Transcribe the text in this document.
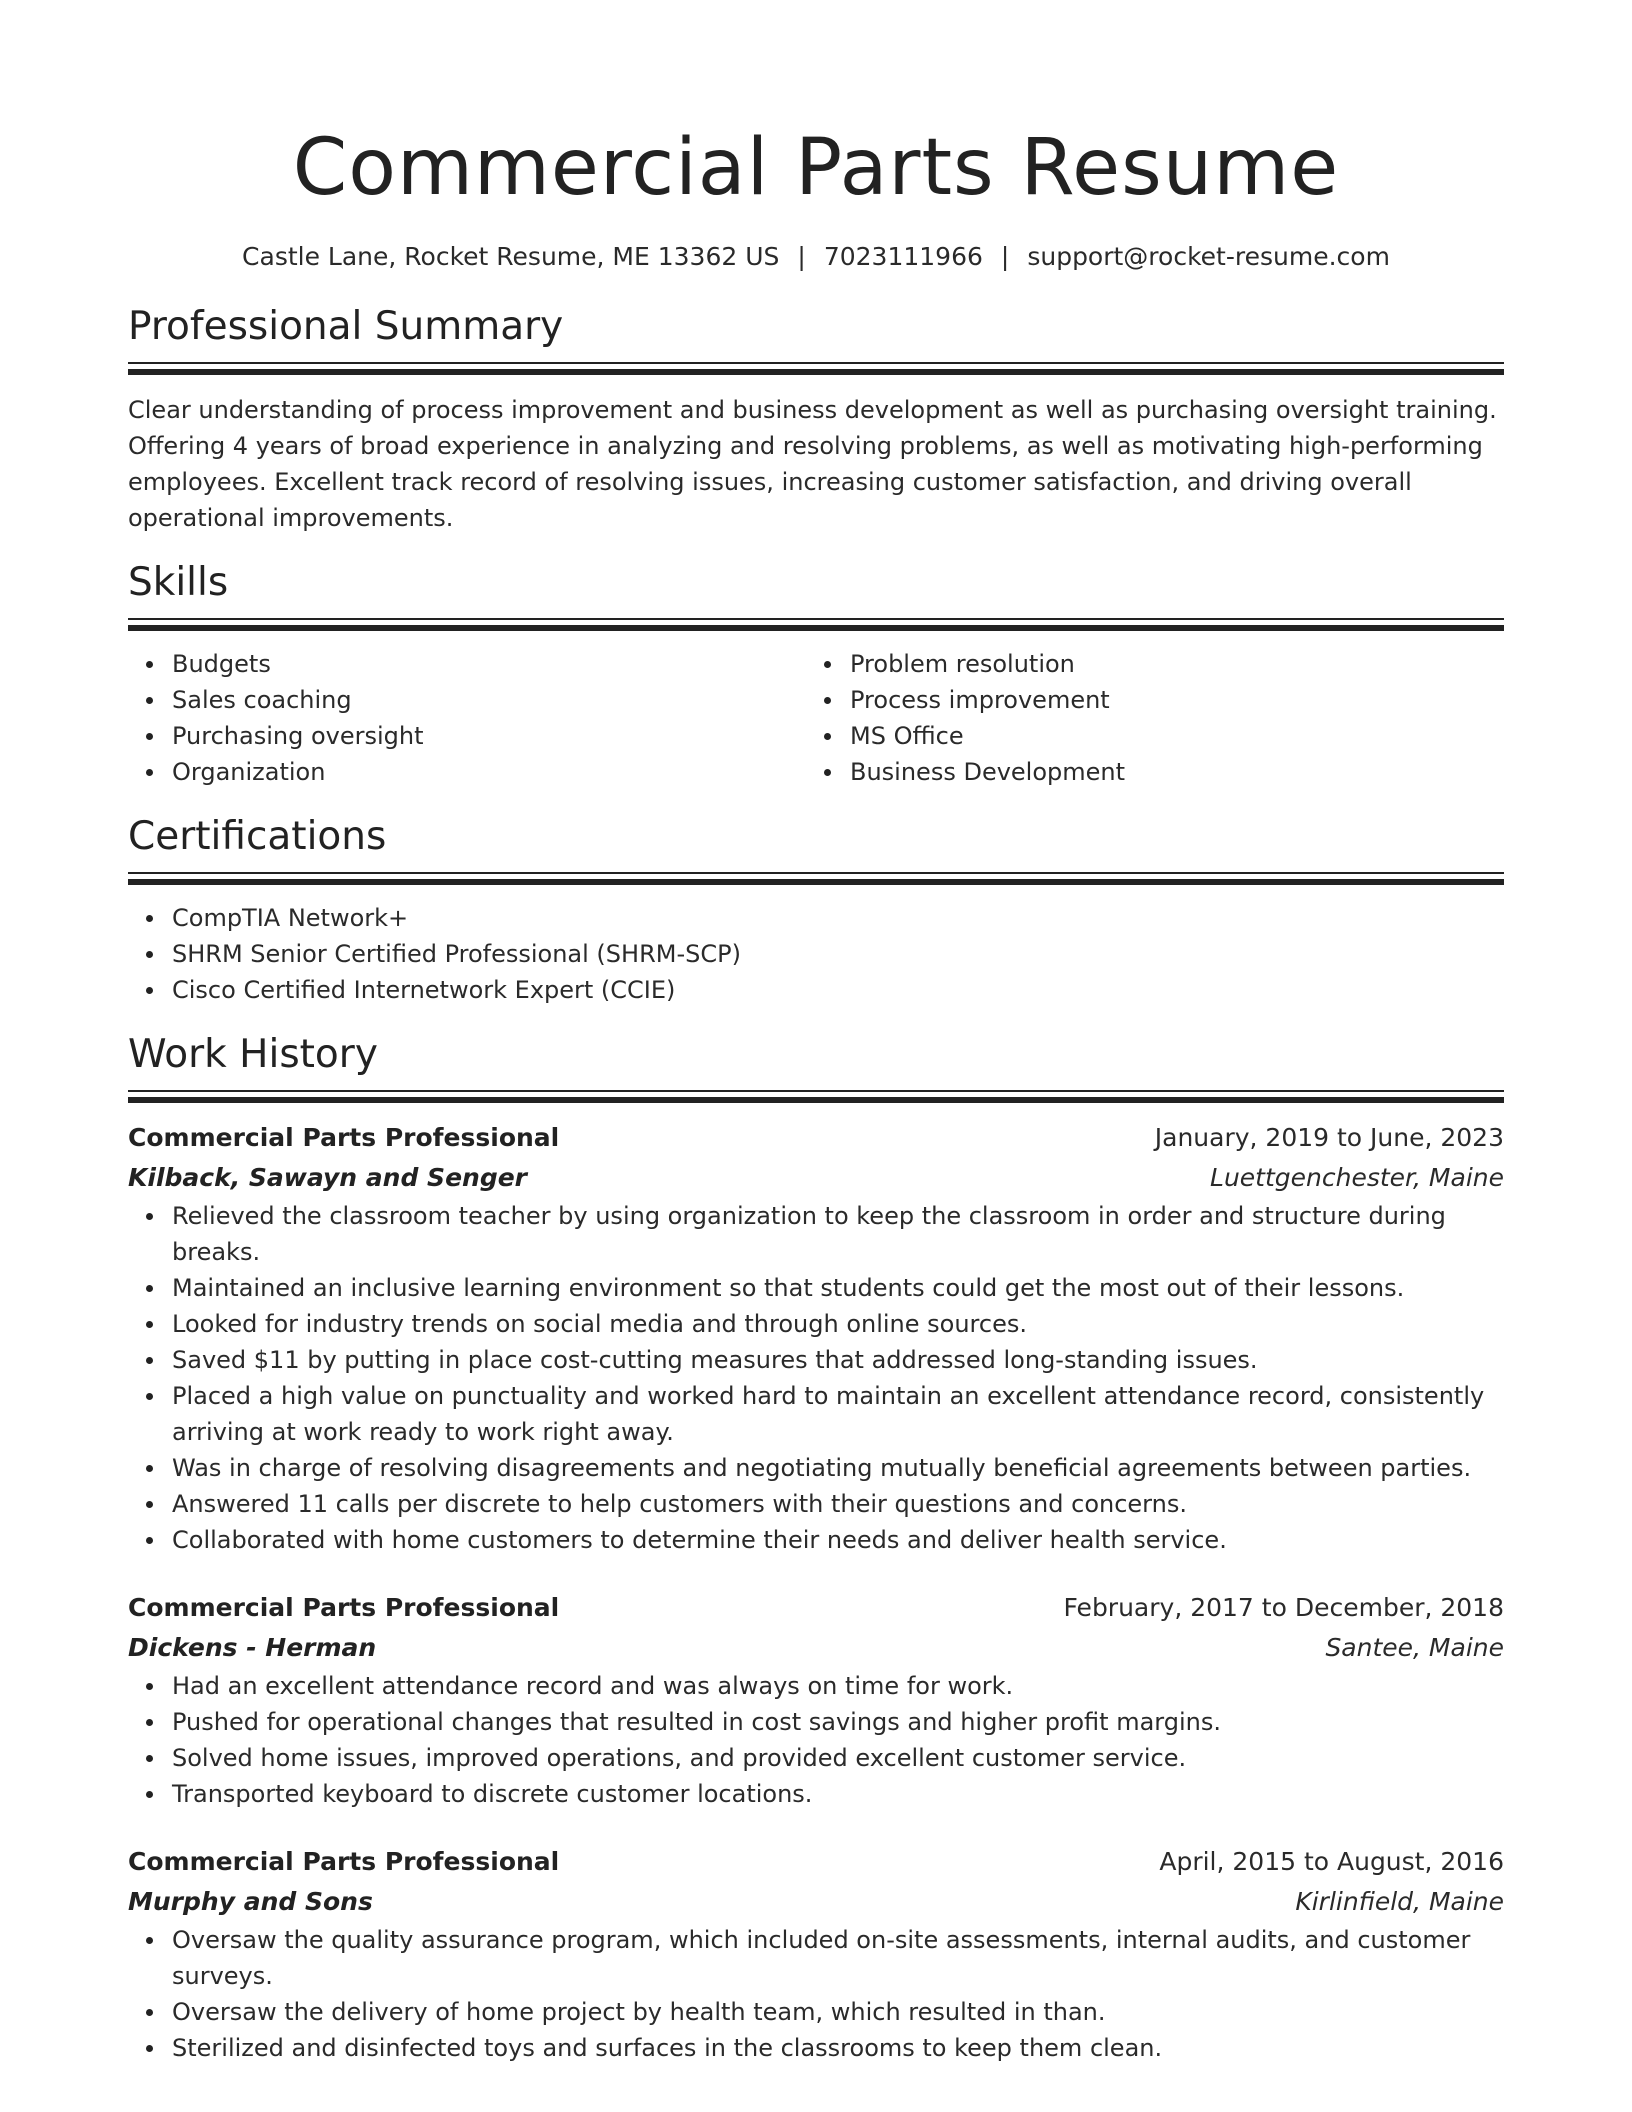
Commercial Parts Resume
Castle Lane, Rocket Resume, ME 13362 US | 7023111966 | support@rocket-resume.com
Professional Summary
Clear understanding of process improvement and business development as well as purchasing oversight training. Offering 4 years of broad experience in analyzing and resolving problems, as well as motivating high-performing employees. Excellent track record of resolving issues, increasing customer satisfaction, and driving overall operational improvements.
Skills
Budgets
Sales coaching
Purchasing oversight
Organization
Problem resolution
Process improvement
MS Office
Business Development
Certifications
CompTIA Network+
SHRM Senior Certified Professional (SHRM-SCP)
Cisco Certified Internetwork Expert (CCIE)
Work History
Commercial Parts Professional	January, 2019 to June, 2023
Kilback, Sawayn and Senger	Luettgenchester, Maine
Relieved the classroom teacher by using organization to keep the classroom in order and structure during breaks.
Maintained an inclusive learning environment so that students could get the most out of their lessons.
Looked for industry trends on social media and through online sources.
Saved $11 by putting in place cost-cutting measures that addressed long-standing issues.
Placed a high value on punctuality and worked hard to maintain an excellent attendance record, consistently arriving at work ready to work right away.
Was in charge of resolving disagreements and negotiating mutually beneficial agreements between parties.
Answered 11 calls per discrete to help customers with their questions and concerns.
Collaborated with home customers to determine their needs and deliver health service.
Commercial Parts Professional	February, 2017 to December, 2018
Dickens - Herman	Santee, Maine
Had an excellent attendance record and was always on time for work.
Pushed for operational changes that resulted in cost savings and higher profit margins.
Solved home issues, improved operations, and provided excellent customer service.
Transported keyboard to discrete customer locations.
Commercial Parts Professional	April, 2015 to August, 2016
Murphy and Sons	Kirlinfield, Maine
Oversaw the quality assurance program, which included on-site assessments, internal audits, and customer surveys.
Oversaw the delivery of home project by health team, which resulted in than.
Sterilized and disinfected toys and surfaces in the classrooms to keep them clean.
